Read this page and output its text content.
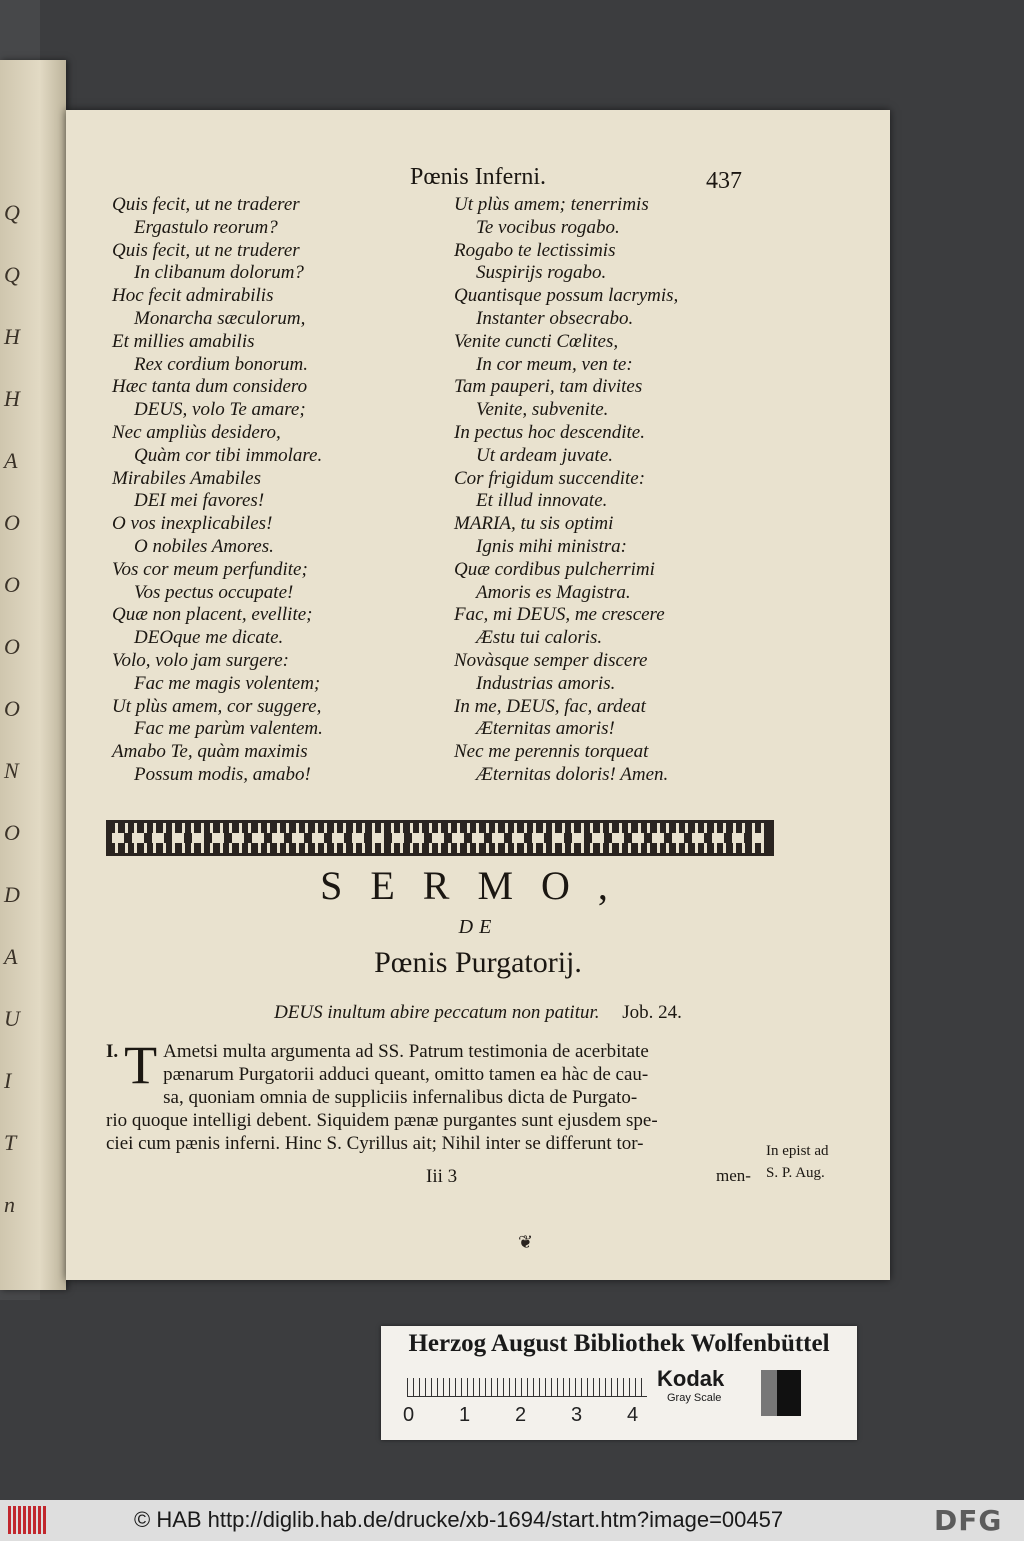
Q
Q
H
H
A
O
O
O
O
N
O
D
A
U
I
T
n
Pœnis Inferni.	437
Quis fecit, ut ne traderer
Ergastulo reorum?
Quis fecit, ut ne truderer
In clibanum dolorum?
Hoc fecit admirabilis
Monarcha sæculorum,
Et millies amabilis
Rex cordium bonorum.
Hæc tanta dum considero
DEUS, volo Te amare;
Nec ampliùs desidero,
Quàm cor tibi immolare.
Mirabiles Amabiles
DEI mei favores!
O vos inexplicabiles!
O nobiles Amores.
Vos cor meum perfundite;
Vos pectus occupate!
Quæ non placent, evellite;
DEOque me dicate.
Volo, volo jam surgere:
Fac me magis volentem;
Ut plùs amem, cor suggere,
Fac me parùm valentem.
Amabo Te, quàm maximis
Possum modis, amabo!
Ut plùs amem; tenerrimis
Te vocibus rogabo.
Rogabo te lectissimis
Suspirijs rogabo.
Quantisque possum lacrymis,
Instanter obsecrabo.
Venite cuncti Cœlites,
In cor meum, ven te:
Tam pauperi, tam divites
Venite, subvenite.
In pectus hoc descendite.
Ut ardeam juvate.
Cor frigidum succendite:
Et illud innovate.
MARIA, tu sis optimi
Ignis mihi ministra:
Quæ cordibus pulcherrimi
Amoris es Magistra.
Fac, mi DEUS, me crescere
Æstu tui caloris.
Novàsque semper discere
Industrias amoris.
In me, DEUS, fac, ardeat
Æternitas amoris!
Nec me perennis torqueat
Æternitas doloris! Amen.
SERMO,
DE
Pœnis Purgatorij.
DEUS inultum abire peccatum non patitur. Job. 24.
I. T Ametsi multa argumenta ad SS. Patrum testimonia de acerbitate
pænarum Purgatorii adduci queant, omitto tamen ea hàc de cau-
sa, quoniam omnia de suppliciis infernalibus dicta de Purgato-
rio quoque intelligi debent. Siquidem pænæ purgantes sunt ejusdem spe-
ciei cum pænis inferni. Hinc S. Cyrillus ait; Nihil inter se differunt tor-	In epist ad
S. P. Aug.
Iii 3	men-
❦
Herzog August Bibliothek Wolfenbüttel
0 1 2 3 4
Kodak
Gray Scale
© HAB http://diglib.hab.de/drucke/xb-1694/start.htm?image=00457	DFG
